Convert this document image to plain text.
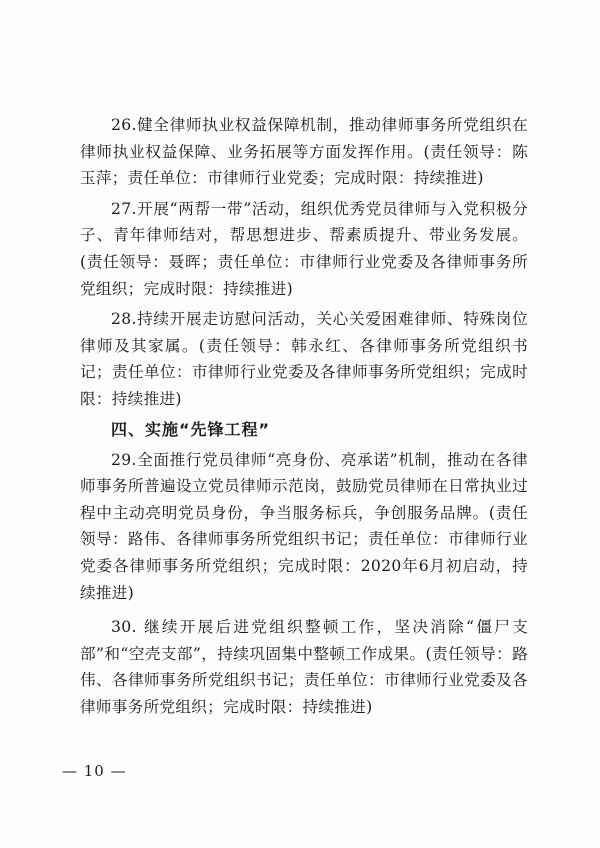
26.健全律师执业权益保障机制，推动律师事务所党组织在律师执业权益保障、业务拓展等方面发挥作用。(责任领导：陈玉萍；责任单位：市律师行业党委；完成时限：持续推进)

27.开展“两帮一带”活动，组织优秀党员律师与入党积极分子、青年律师结对，帮思想进步、帮素质提升、带业务发展。(责任领导：聂晖；责任单位：市律师行业党委及各律师事务所党组织；完成时限：持续推进)

28.持续开展走访慰问活动，关心关爱困难律师、特殊岗位律师及其家属。(责任领导：韩永红、各律师事务所党组织书记；责任单位：市律师行业党委及各律师事务所党组织；完成时限：持续推进)

四、实施“先锋工程”

29.全面推行党员律师“亮身份、亮承诺”机制，推动在各律师事务所普遍设立党员律师示范岗，鼓励党员律师在日常执业过程中主动亮明党员身份，争当服务标兵，争创服务品牌。(责任领导：路伟、各律师事务所党组织书记；责任单位：市律师行业党委各律师事务所党组织；完成时限：2020年6月初启动，持续推进)

30. 继续开展后进党组织整顿工作，坚决消除“僵尸支部”和“空壳支部”，持续巩固集中整顿工作成果。(责任领导：路伟、各律师事务所党组织书记；责任单位：市律师行业党委及各律师事务所党组织；完成时限：持续推进)

— 10 —
